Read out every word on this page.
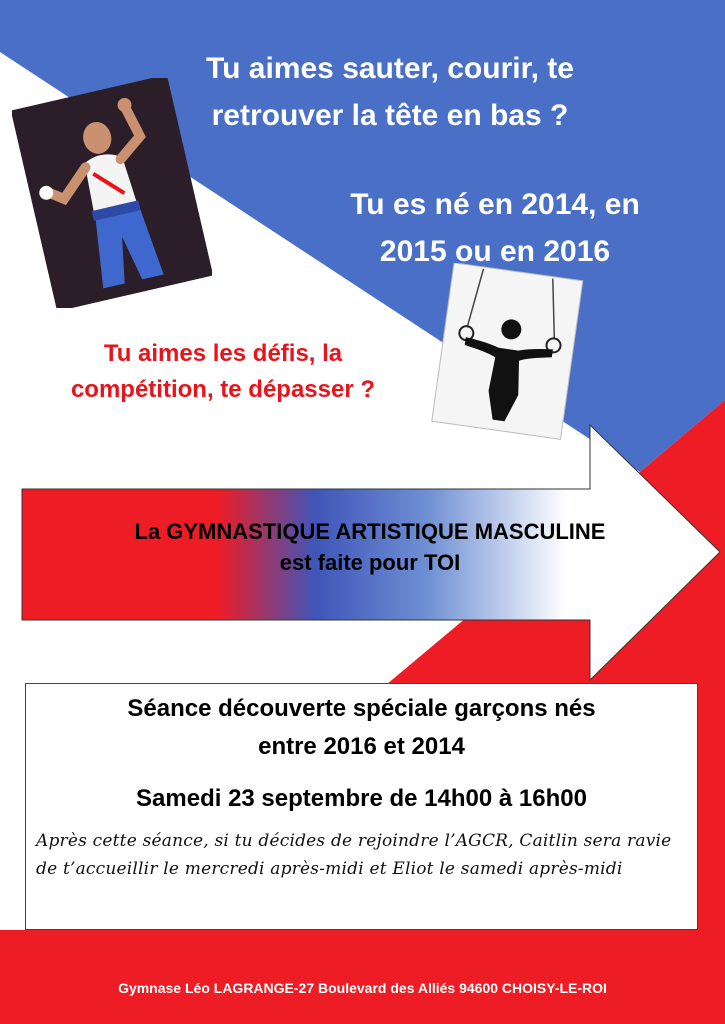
Tu aimes sauter, courir, te
retrouver la tête en bas ?
Tu es né en 2014, en
2015 ou en 2016
Tu aimes les défis, la
compétition, te dépasser ?
La GYMNASTIQUE ARTISTIQUE MASCULINE
est faite pour TOI
Séance découverte spéciale garçons nés
entre 2016 et 2014
Samedi 23 septembre de 14h00 à 16h00
Après cette séance, si tu décides de rejoindre l’AGCR, Caitlin sera ravie de t’accueillir le mercredi après-midi et Eliot le samedi après-midi
Gymnase Léo LAGRANGE-27 Boulevard des Alliés 94600 CHOISY-LE-ROI
